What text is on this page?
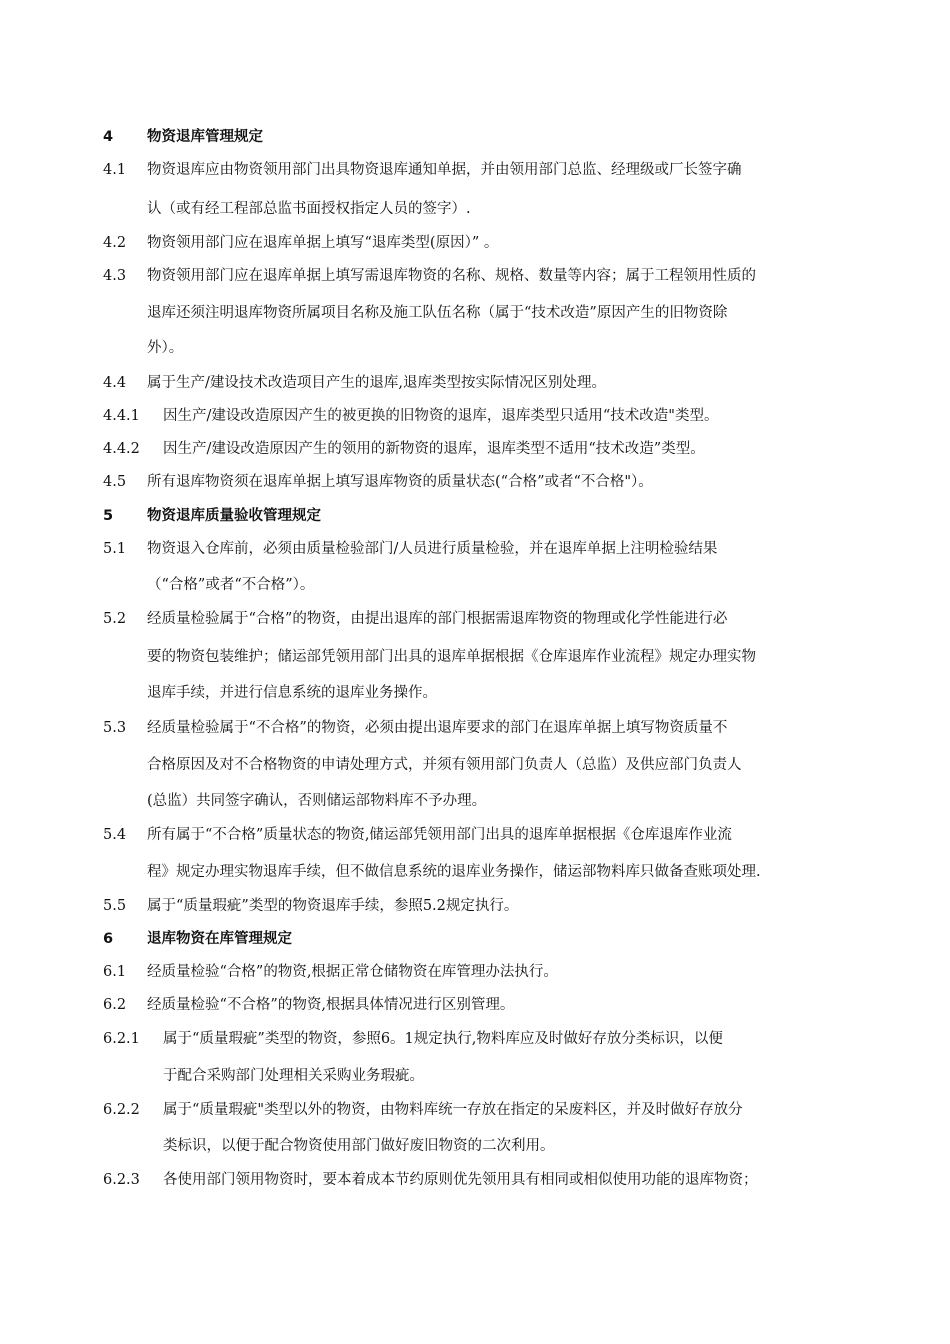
4 物资退库管理规定
4.1 物资退库应由物资领用部门出具物资退库通知单据，并由领用部门总监、经理级或厂长签字确
认（或有经工程部总监书面授权指定人员的签字）.
4.2 物资领用部门应在退库单据上填写“退库类型(原因）” 。
4.3 物资领用部门应在退库单据上填写需退库物资的名称、规格、数量等内容；属于工程领用性质的
退库还须注明退库物资所属项目名称及施工队伍名称（属于“技术改造”原因产生的旧物资除
外）。
4.4 属于生产/建设技术改造项目产生的退库,退库类型按实际情况区别处理。
4.4.1 因生产/建设改造原因产生的被更换的旧物资的退库，退库类型只适用“技术改造"类型。
4.4.2 因生产/建设改造原因产生的领用的新物资的退库，退库类型不适用“技术改造”类型。
4.5 所有退库物资须在退库单据上填写退库物资的质量状态(“合格”或者“不合格"）。
5 物资退库质量验收管理规定
5.1 物资退入仓库前，必须由质量检验部门/人员进行质量检验，并在退库单据上注明检验结果
（“合格”或者“不合格”）。
5.2 经质量检验属于“合格”的物资，由提出退库的部门根据需退库物资的物理或化学性能进行必
要的物资包装维护；储运部凭领用部门出具的退库单据根据《仓库退库作业流程》规定办理实物
退库手续，并进行信息系统的退库业务操作。
5.3 经质量检验属于“不合格”的物资，必须由提出退库要求的部门在退库单据上填写物资质量不
合格原因及对不合格物资的申请处理方式，并须有领用部门负责人（总监）及供应部门负责人
(总监）共同签字确认，否则储运部物料库不予办理。
5.4 所有属于“不合格”质量状态的物资,储运部凭领用部门出具的退库单据根据《仓库退库作业流
程》规定办理实物退库手续，但不做信息系统的退库业务操作，储运部物料库只做备查账项处理.
5.5 属于“质量瑕疵”类型的物资退库手续，参照5.2规定执行。
6 退库物资在库管理规定
6.1 经质量检验“合格”的物资,根据正常仓储物资在库管理办法执行。
6.2 经质量检验“不合格”的物资,根据具体情况进行区别管理。
6.2.1 属于“质量瑕疵”类型的物资，参照6。1规定执行,物料库应及时做好存放分类标识，以便
于配合采购部门处理相关采购业务瑕疵。
6.2.2 属于“质量瑕疵"类型以外的物资，由物料库统一存放在指定的呆废料区，并及时做好存放分
类标识，以便于配合物资使用部门做好废旧物资的二次利用。
6.2.3 各使用部门领用物资时，要本着成本节约原则优先领用具有相同或相似使用功能的退库物资；
